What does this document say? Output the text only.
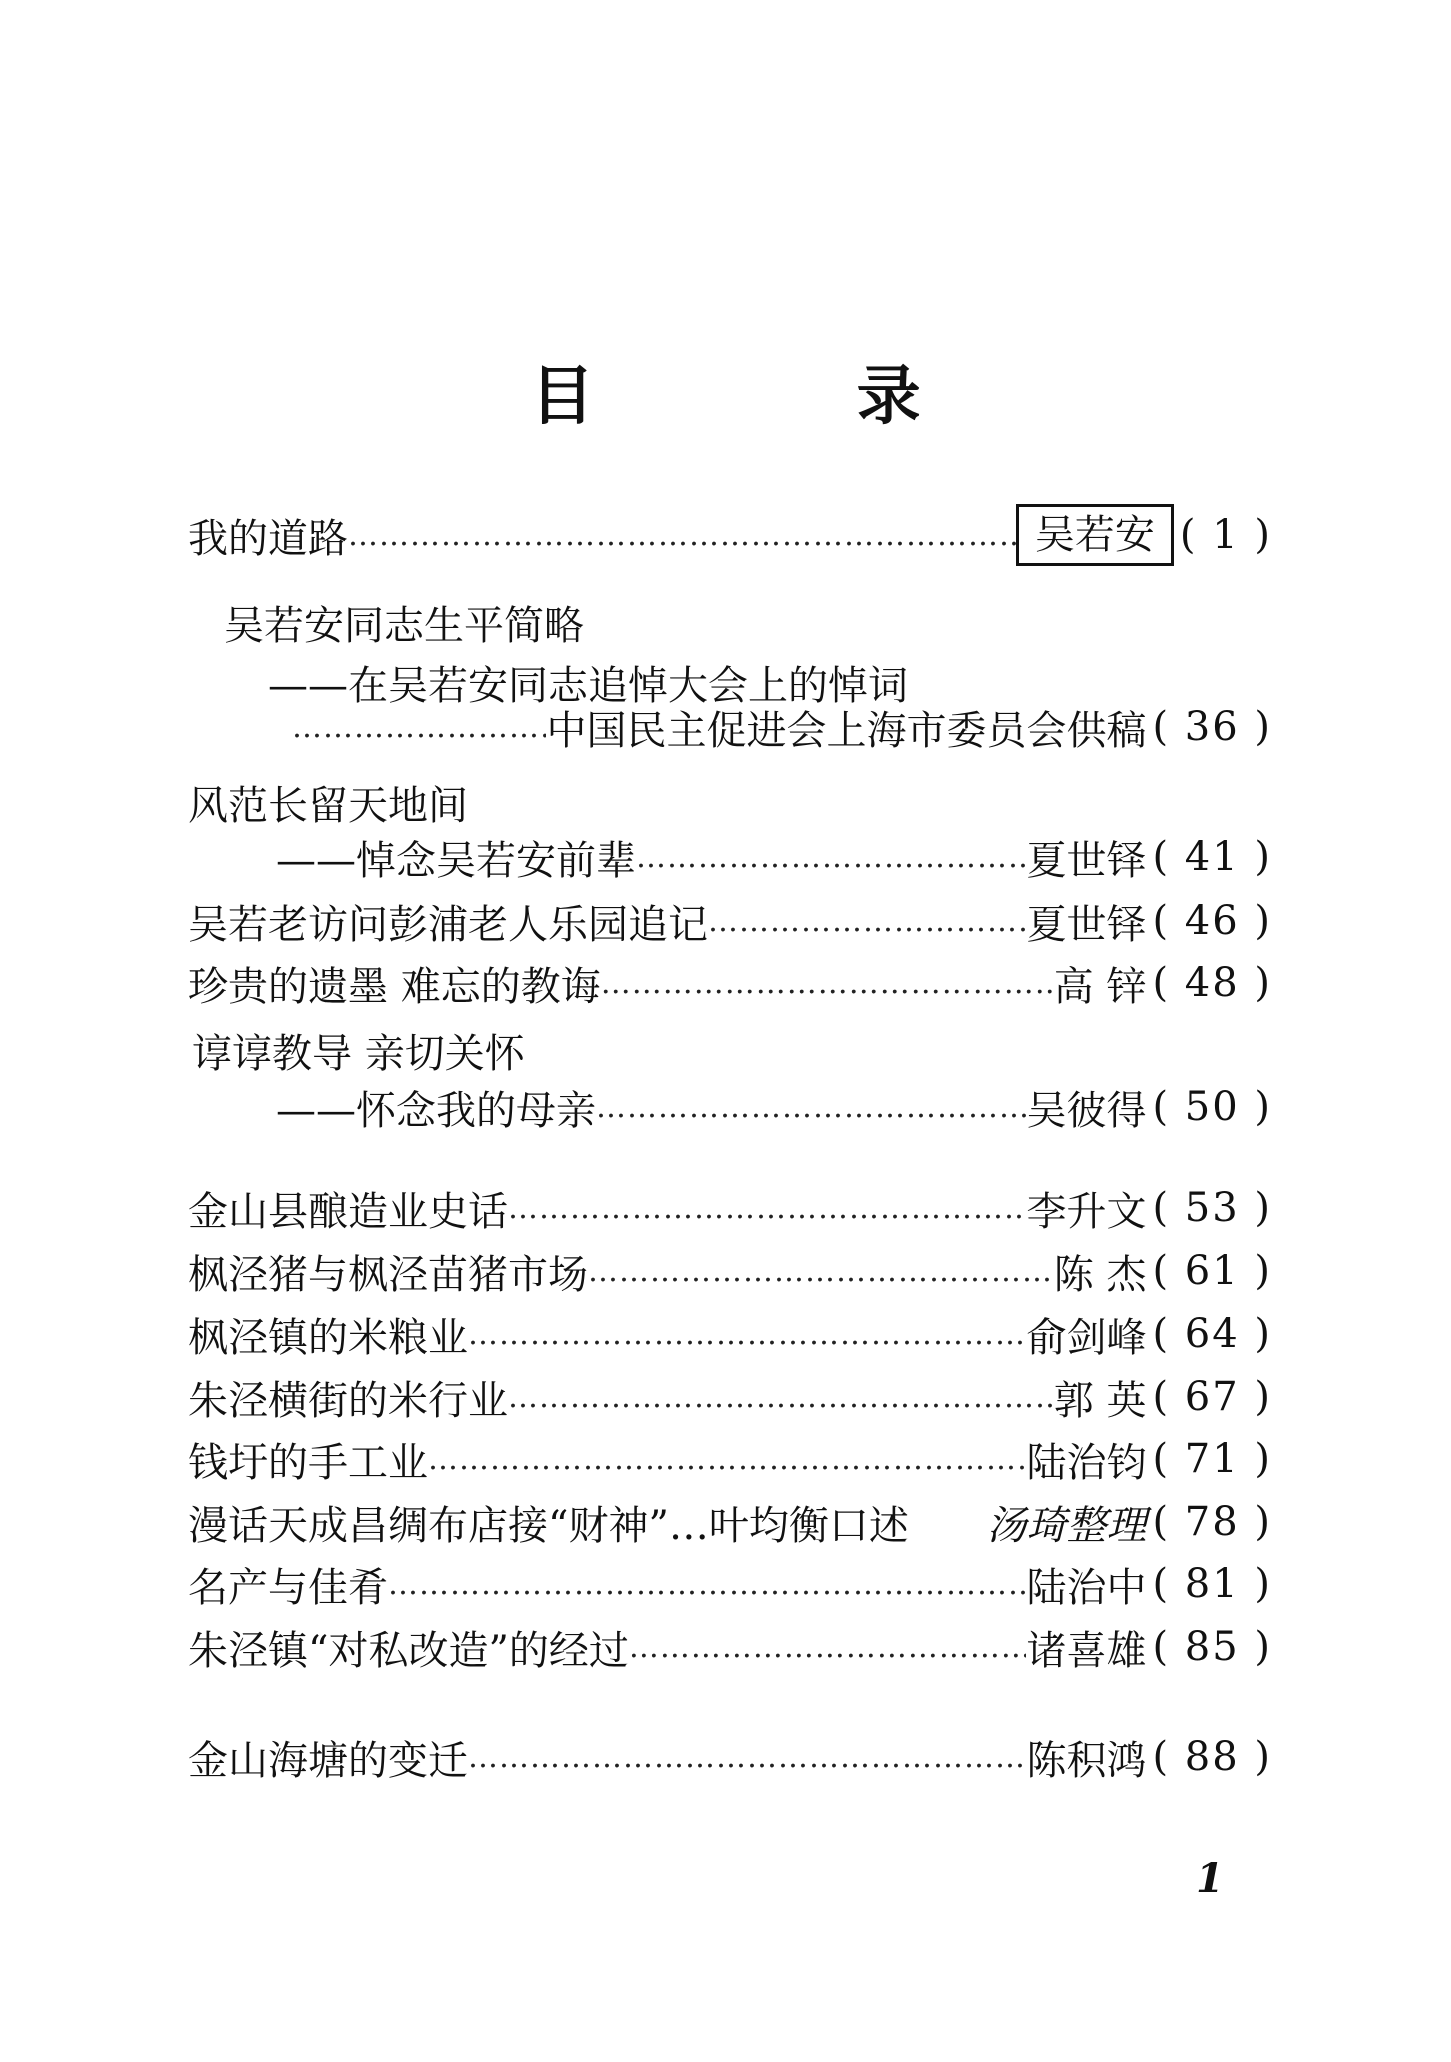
目 录
我的道路 ……………………………………………………………………………………………………………………	吴若安 ( 1 )
吴若安同志生平简略
——在吴若安同志追悼大会上的悼词
……………………………………………………………………………………………………………………
中国民主促进会上海市委员会供稿 ( 36 )
风范长留天地间
——悼念吴若安前辈 ……………………………………………………………………………………………………………………	夏世铎 ( 41 )
吴若老访问彭浦老人乐园追记 ……………………………………………………………………………………………………………………	夏世铎 ( 46 )
珍贵的遗墨 难忘的教诲 ……………………………………………………………………………………………………………………	高 锌 ( 48 )
谆谆教导 亲切关怀
——怀念我的母亲 ……………………………………………………………………………………………………………………	吴彼得 ( 50 )
金山县酿造业史话 ……………………………………………………………………………………………………………………	李升文 ( 53 )
枫泾猪与枫泾苗猪市场 ……………………………………………………………………………………………………………………	陈 杰 ( 61 )
枫泾镇的米粮业 ……………………………………………………………………………………………………………………	俞剑峰 ( 64 )
朱泾横街的米行业 ……………………………………………………………………………………………………………………	郭 英 ( 67 )
钱圩的手工业 ……………………………………………………………………………………………………………………	陆治钧 ( 71 )
漫话天成昌绸布店接“财神”…叶均衡口述 汤琦整理 ( 78 )
名产与佳肴 ……………………………………………………………………………………………………………………	陆治中 ( 81 )
朱泾镇“对私改造”的经过 ……………………………………………………………………………………………………………………	诸喜雄 ( 85 )
金山海塘的变迁 ……………………………………………………………………………………………………………………	陈积鸿 ( 88 )
1
